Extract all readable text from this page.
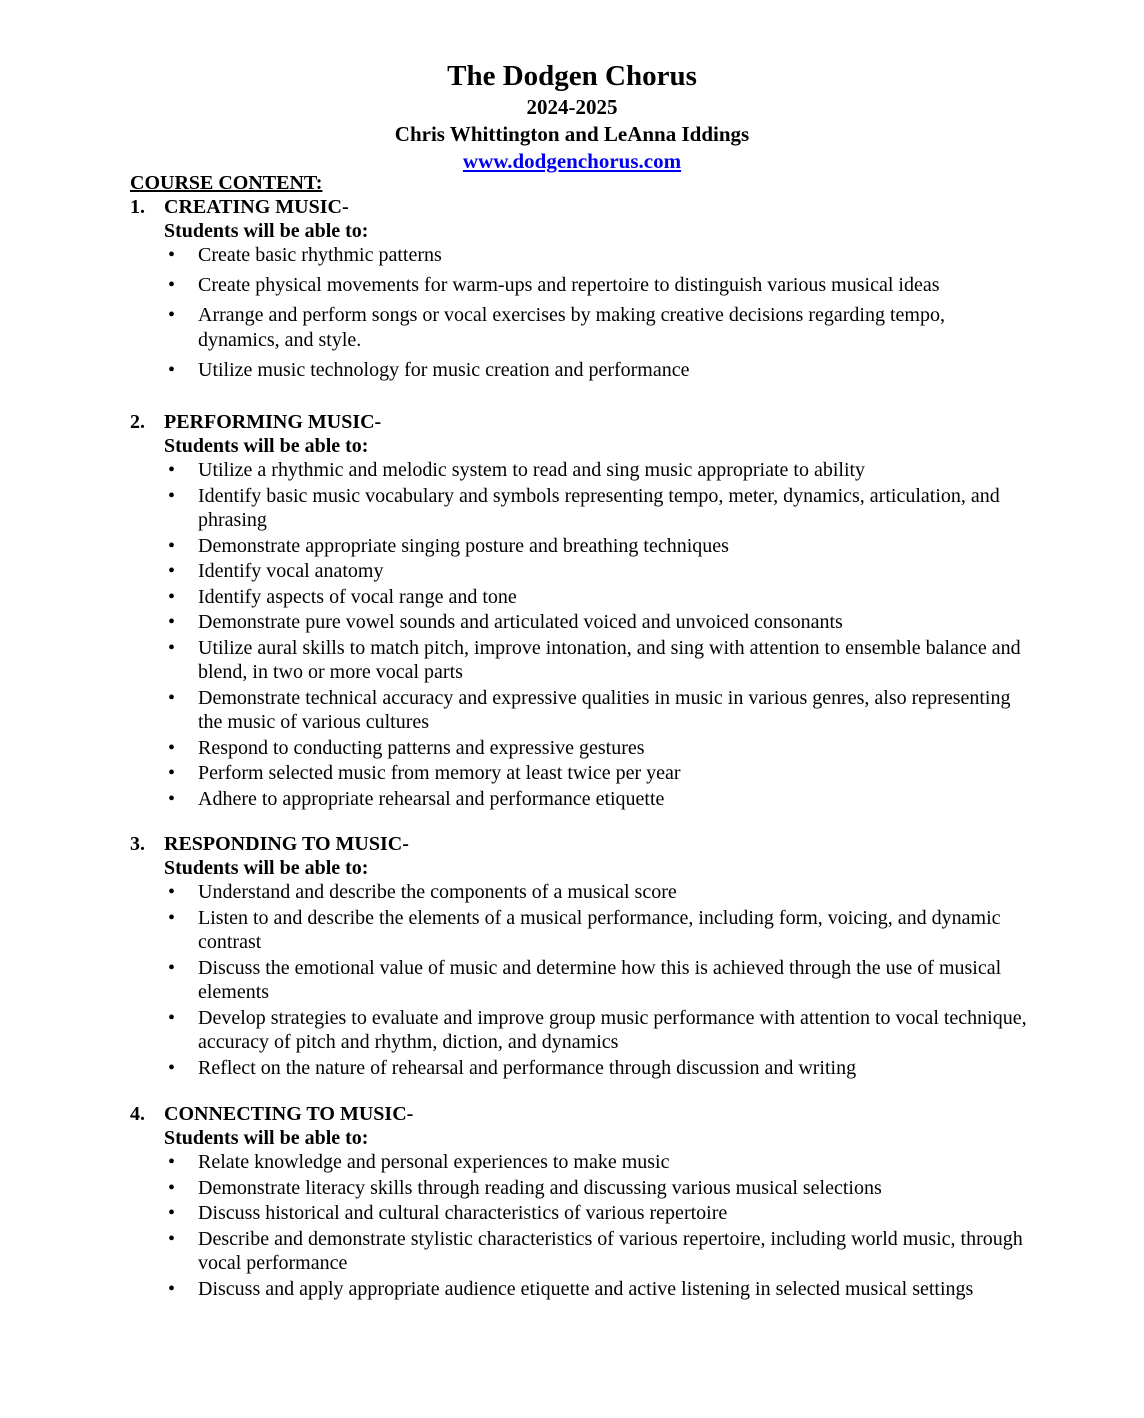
The Dodgen Chorus
2024-2025
Chris Whittington and LeAnna Iddings
www.dodgenchorus.com
COURSE CONTENT:
1. CREATING MUSIC-
Students will be able to:
• Create basic rhythmic patterns
• Create physical movements for warm-ups and repertoire to distinguish various musical ideas
• Arrange and perform songs or vocal exercises by making creative decisions regarding tempo, dynamics, and style.
• Utilize music technology for music creation and performance
2. PERFORMING MUSIC-
Students will be able to:
• Utilize a rhythmic and melodic system to read and sing music appropriate to ability
• Identify basic music vocabulary and symbols representing tempo, meter, dynamics, articulation, and phrasing
• Demonstrate appropriate singing posture and breathing techniques
• Identify vocal anatomy
• Identify aspects of vocal range and tone
• Demonstrate pure vowel sounds and articulated voiced and unvoiced consonants
• Utilize aural skills to match pitch, improve intonation, and sing with attention to ensemble balance and blend, in two or more vocal parts
• Demonstrate technical accuracy and expressive qualities in music in various genres, also representing the music of various cultures
• Respond to conducting patterns and expressive gestures
• Perform selected music from memory at least twice per year
• Adhere to appropriate rehearsal and performance etiquette
3. RESPONDING TO MUSIC-
Students will be able to:
• Understand and describe the components of a musical score
• Listen to and describe the elements of a musical performance, including form, voicing, and dynamic contrast
• Discuss the emotional value of music and determine how this is achieved through the use of musical elements
• Develop strategies to evaluate and improve group music performance with attention to vocal technique, accuracy of pitch and rhythm, diction, and dynamics
• Reflect on the nature of rehearsal and performance through discussion and writing
4. CONNECTING TO MUSIC-
Students will be able to:
• Relate knowledge and personal experiences to make music
• Demonstrate literacy skills through reading and discussing various musical selections
• Discuss historical and cultural characteristics of various repertoire
• Describe and demonstrate stylistic characteristics of various repertoire, including world music, through vocal performance
• Discuss and apply appropriate audience etiquette and active listening in selected musical settings
